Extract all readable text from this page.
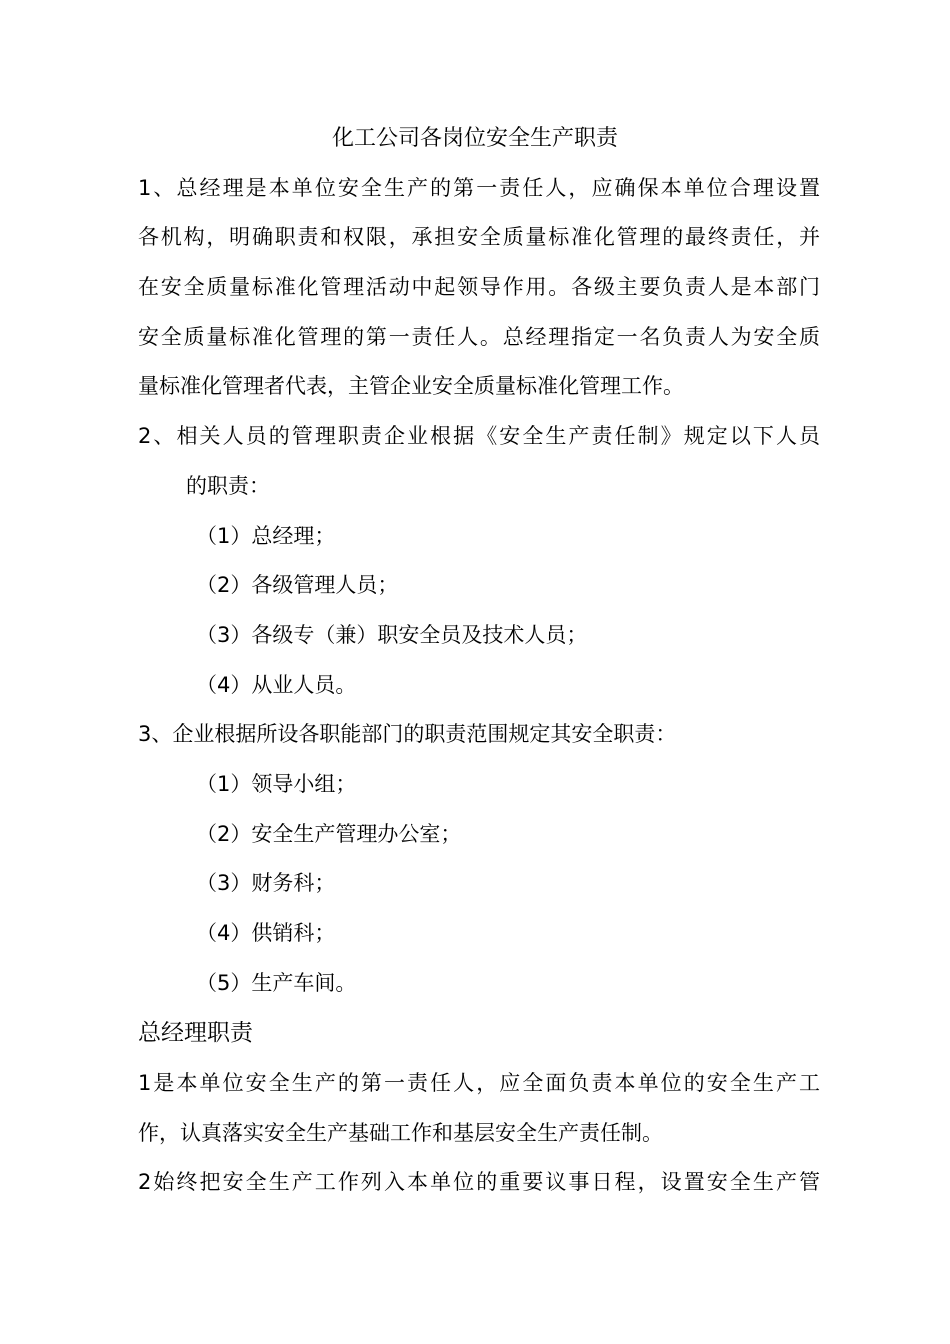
化工公司各岗位安全生产职责
1、总经理是本单位安全生产的第一责任人，应确保本单位合理设置
各机构，明确职责和权限，承担安全质量标准化管理的最终责任，并
在安全质量标准化管理活动中起领导作用。各级主要负责人是本部门
安全质量标准化管理的第一责任人。总经理指定一名负责人为安全质
量标准化管理者代表，主管企业安全质量标准化管理工作。
2、相关人员的管理职责企业根据《安全生产责任制》规定以下人员
的职责：
（1）总经理；
（2）各级管理人员；
（3）各级专（兼）职安全员及技术人员；
（4）从业人员。
3、企业根据所设各职能部门的职责范围规定其安全职责：
（1）领导小组；
（2）安全生产管理办公室；
（3）财务科；
（4）供销科；
（5）生产车间。
总经理职责
1是本单位安全生产的第一责任人，应全面负责本单位的安全生产工
作，认真落实安全生产基础工作和基层安全生产责任制。
2始终把安全生产工作列入本单位的重要议事日程，设置安全生产管
